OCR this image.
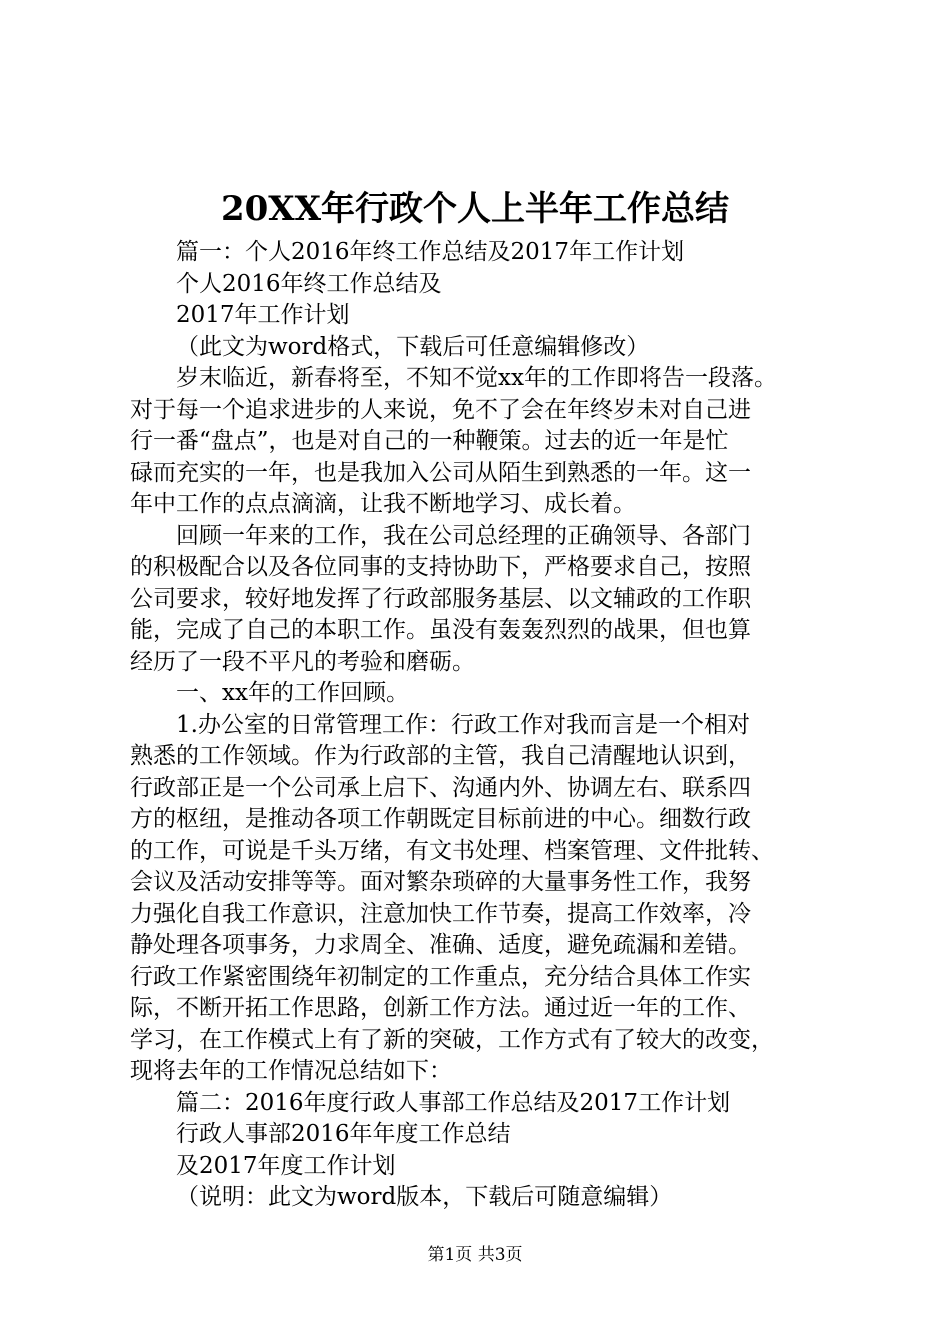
20XX年行政个人上半年工作总结
篇一：个人2016年终工作总结及2017年工作计划
个人2016年终工作总结及
2017年工作计划
（此文为word格式，下载后可任意编辑修改）
岁末临近，新春将至，不知不觉xx年的工作即将告一段落。
对于每一个追求进步的人来说，免不了会在年终岁未对自己进
行一番“盘点”，也是对自己的一种鞭策。过去的近一年是忙
碌而充实的一年，也是我加入公司从陌生到熟悉的一年。这一
年中工作的点点滴滴，让我不断地学习、成长着。
回顾一年来的工作，我在公司总经理的正确领导、各部门
的积极配合以及各位同事的支持协助下，严格要求自己，按照
公司要求，较好地发挥了行政部服务基层、以文辅政的工作职
能，完成了自己的本职工作。虽没有轰轰烈烈的战果，但也算
经历了一段不平凡的考验和磨砺。
一、xx年的工作回顾。
1.办公室的日常管理工作：行政工作对我而言是一个相对
熟悉的工作领域。作为行政部的主管，我自己清醒地认识到，
行政部正是一个公司承上启下、沟通内外、协调左右、联系四
方的枢纽，是推动各项工作朝既定目标前进的中心。细数行政
的工作，可说是千头万绪，有文书处理、档案管理、文件批转、
会议及活动安排等等。面对繁杂琐碎的大量事务性工作，我努
力强化自我工作意识，注意加快工作节奏，提高工作效率，冷
静处理各项事务，力求周全、准确、适度，避免疏漏和差错。
行政工作紧密围绕年初制定的工作重点，充分结合具体工作实
际，不断开拓工作思路，创新工作方法。通过近一年的工作、
学习，在工作模式上有了新的突破，工作方式有了较大的改变，
现将去年的工作情况总结如下：
篇二：2016年度行政人事部工作总结及2017工作计划
行政人事部2016年年度工作总结
及2017年度工作计划
（说明：此文为word版本，下载后可随意编辑）
第1页 共3页
